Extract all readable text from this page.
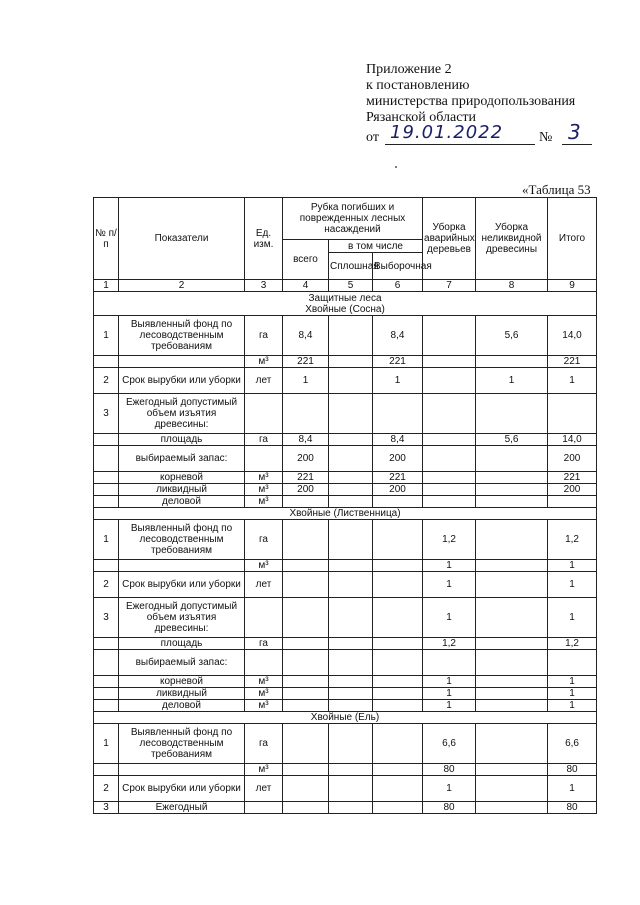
Приложение 2
к постановлению
министерства природопользования
Рязанской области
от 19.01.2022	№ 3
«Таблица 53
№ п/п	Показатели	Ед. изм.	Рубка погибших и поврежденных лесных насаждений			Уборка аварийных деревьев	Уборка неликвидной древесины	Итого
			всего	в том числе				
				Сплошная	Выборочная			
1	2	3	4	5	6	7	8	9

Защитные леса
Хвойные (Сосна)								

1	Выявленный фонд по лесоводственным требованиям	га	8,4		8,4		5,6	14,0
		м³	221		221			221
2	Срок вырубки или уборки	лет	1		1		1	1
3	Ежегодный допустимый объем изъятия древесины:							
	площадь	га	8,4		8,4		5,6	14,0
	выбираемый запас:		200		200			200
	корневой	м³	221		221			221
	ликвидный	м³	200		200			200
	деловой	м³						

Хвойные (Лиственница)								

1	Выявленный фонд по лесоводственным требованиям	га				1,2		1,2
		м³				1		1
2	Срок вырубки или уборки	лет				1		1
3	Ежегодный допустимый объем изъятия древесины:					1		1
	площадь	га				1,2		1,2
	выбираемый запас:							
	корневой	м³				1		1
	ликвидный	м³				1		1
	деловой	м³				1		1

Хвойные (Ель)								

1	Выявленный фонд по лесоводственным требованиям	га				6,6		6,6
		м³				80		80
2	Срок вырубки или уборки	лет				1		1
3	Ежегодный					80		80
